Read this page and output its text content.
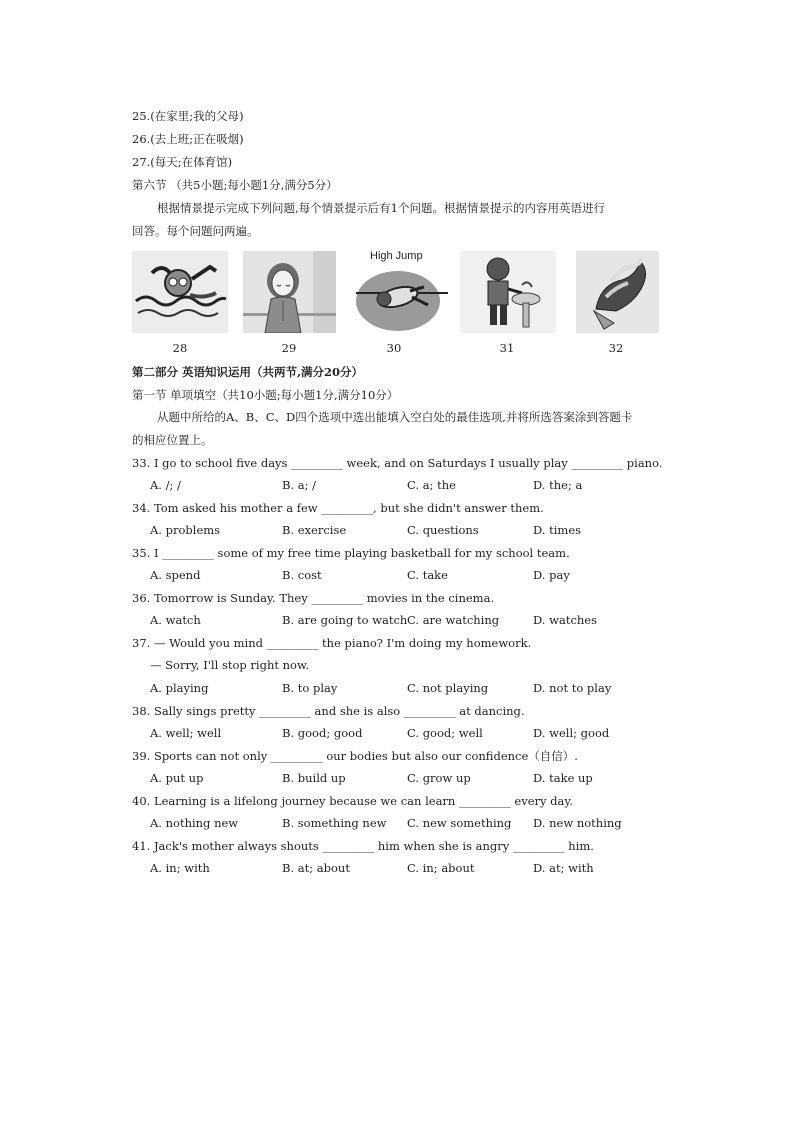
25.(在家里;我的父母)
26.(去上班;正在吸烟)
27.(每天;在体育馆)
第六节 （共5小题;每小题1分,满分5分）
根据情景提示完成下列问题,每个情景提示后有1个问题。根据情景提示的内容用英语进行
回答。每个问题问两遍。
High Jump
28	29	30	31	32
第二部分 英语知识运用（共两节,满分20分）
第一节 单项填空（共10小题;每小题1分,满分10分）
从题中所给的A、B、C、D四个选项中选出能填入空白处的最佳选项,并将所选答案涂到答题卡
的相应位置上。
33. I go to school five days _________ week, and on Saturdays I usually play _________ piano.
A. /; /	B. a; /	C. a; the	D. the; a
34. Tom asked his mother a few _________, but she didn't answer them.
A. problems	B. exercise	C. questions	D. times
35. I _________ some of my free time playing basketball for my school team.
A. spend	B. cost	C. take	D. pay
36. Tomorrow is Sunday. They _________ movies in the cinema.
A. watch	B. are going to watch C. are watching	D. watches
37. — Would you mind _________ the piano? I'm doing my homework.
— Sorry, I'll stop right now.
A. playing	B. to play	C. not playing	D. not to play
38. Sally sings pretty _________ and she is also _________ at dancing.
A. well; well	B. good; good	C. good; well	D. well; good
39. Sports can not only _________ our bodies but also our confidence（自信）.
A. put up	B. build up	C. grow up	D. take up
40. Learning is a lifelong journey because we can learn _________ every day.
A. nothing new	B. something new C. new something D. new nothing
41. Jack's mother always shouts _________ him when she is angry _________ him.
A. in; with	B. at; about	C. in; about	D. at; with
